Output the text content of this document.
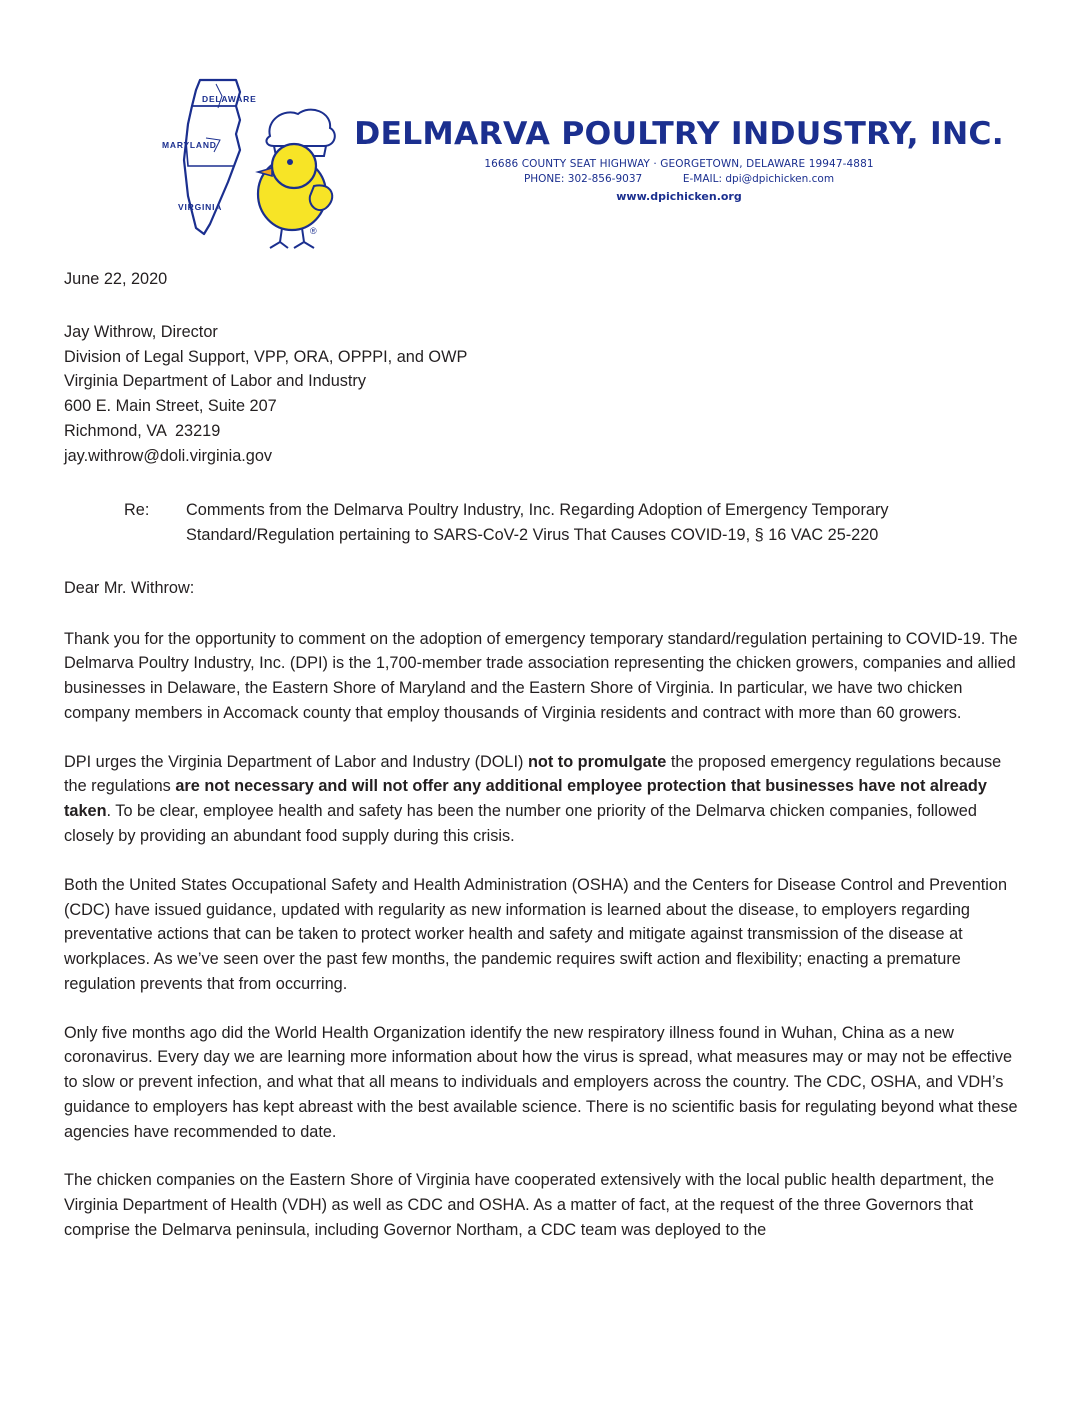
DELAWARE
MARYLAND
VIRGINIA
®
DELMARVA POULTRY INDUSTRY, INC.
16686 COUNTY SEAT HIGHWAY · GEORGETOWN, DELAWARE 19947-4881
PHONE: 302-856-9037	E-MAIL: dpi@dpichicken.com
www.dpichicken.org
June 22, 2020
Jay Withrow, Director
Division of Legal Support, VPP, ORA, OPPPI, and OWP
Virginia Department of Labor and Industry
600 E. Main Street, Suite 207
Richmond, VA  23219
jay.withrow@doli.virginia.gov
Re:	Comments from the Delmarva Poultry Industry, Inc. Regarding Adoption of Emergency Temporary Standard/Regulation pertaining to SARS-CoV-2 Virus That Causes COVID-19, § 16 VAC 25-220
Dear Mr. Withrow:

Thank you for the opportunity to comment on the adoption of emergency temporary standard/regulation pertaining to COVID-19. The Delmarva Poultry Industry, Inc. (DPI) is the 1,700-member trade association representing the chicken growers, companies and allied businesses in Delaware, the Eastern Shore of Maryland and the Eastern Shore of Virginia. In particular, we have two chicken company members in Accomack county that employ thousands of Virginia residents and contract with more than 60 growers.

DPI urges the Virginia Department of Labor and Industry (DOLI) not to promulgate the proposed emergency regulations because the regulations are not necessary and will not offer any additional employee protection that businesses have not already taken. To be clear, employee health and safety has been the number one priority of the Delmarva chicken companies, followed closely by providing an abundant food supply during this crisis.

Both the United States Occupational Safety and Health Administration (OSHA) and the Centers for Disease Control and Prevention (CDC) have issued guidance, updated with regularity as new information is learned about the disease, to employers regarding preventative actions that can be taken to protect worker health and safety and mitigate against transmission of the disease at workplaces. As we’ve seen over the past few months, the pandemic requires swift action and flexibility; enacting a premature regulation prevents that from occurring.

Only five months ago did the World Health Organization identify the new respiratory illness found in Wuhan, China as a new coronavirus. Every day we are learning more information about how the virus is spread, what measures may or may not be effective to slow or prevent infection, and what that all means to individuals and employers across the country. The CDC, OSHA, and VDH’s guidance to employers has kept abreast with the best available science. There is no scientific basis for regulating beyond what these agencies have recommended to date.

The chicken companies on the Eastern Shore of Virginia have cooperated extensively with the local public health department, the Virginia Department of Health (VDH) as well as CDC and OSHA. As a matter of fact, at the request of the three Governors that comprise the Delmarva peninsula, including Governor Northam, a CDC team was deployed to the
